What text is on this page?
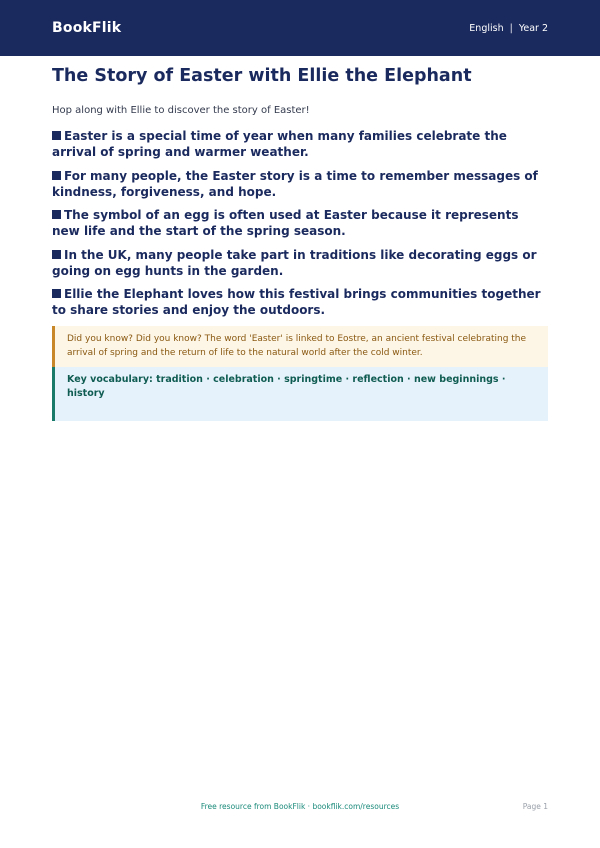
BookFlik	English | Year 2
The Story of Easter with Ellie the Elephant

Hop along with Ellie to discover the story of Easter!

Easter is a special time of year when many families celebrate the arrival of spring and warmer weather.
For many people, the Easter story is a time to remember messages of kindness, forgiveness, and hope.
The symbol of an egg is often used at Easter because it represents new life and the start of the spring season.
In the UK, many people take part in traditions like decorating eggs or going on egg hunts in the garden.
Ellie the Elephant loves how this festival brings communities together to share stories and enjoy the outdoors.
Did you know? Did you know? The word 'Easter' is linked to Eostre, an ancient festival celebrating the arrival of spring and the return of life to the natural world after the cold winter.
Key vocabulary: tradition · celebration · springtime · reflection · new beginnings · history
Free resource from BookFlik · bookflik.com/resources	Page 1
